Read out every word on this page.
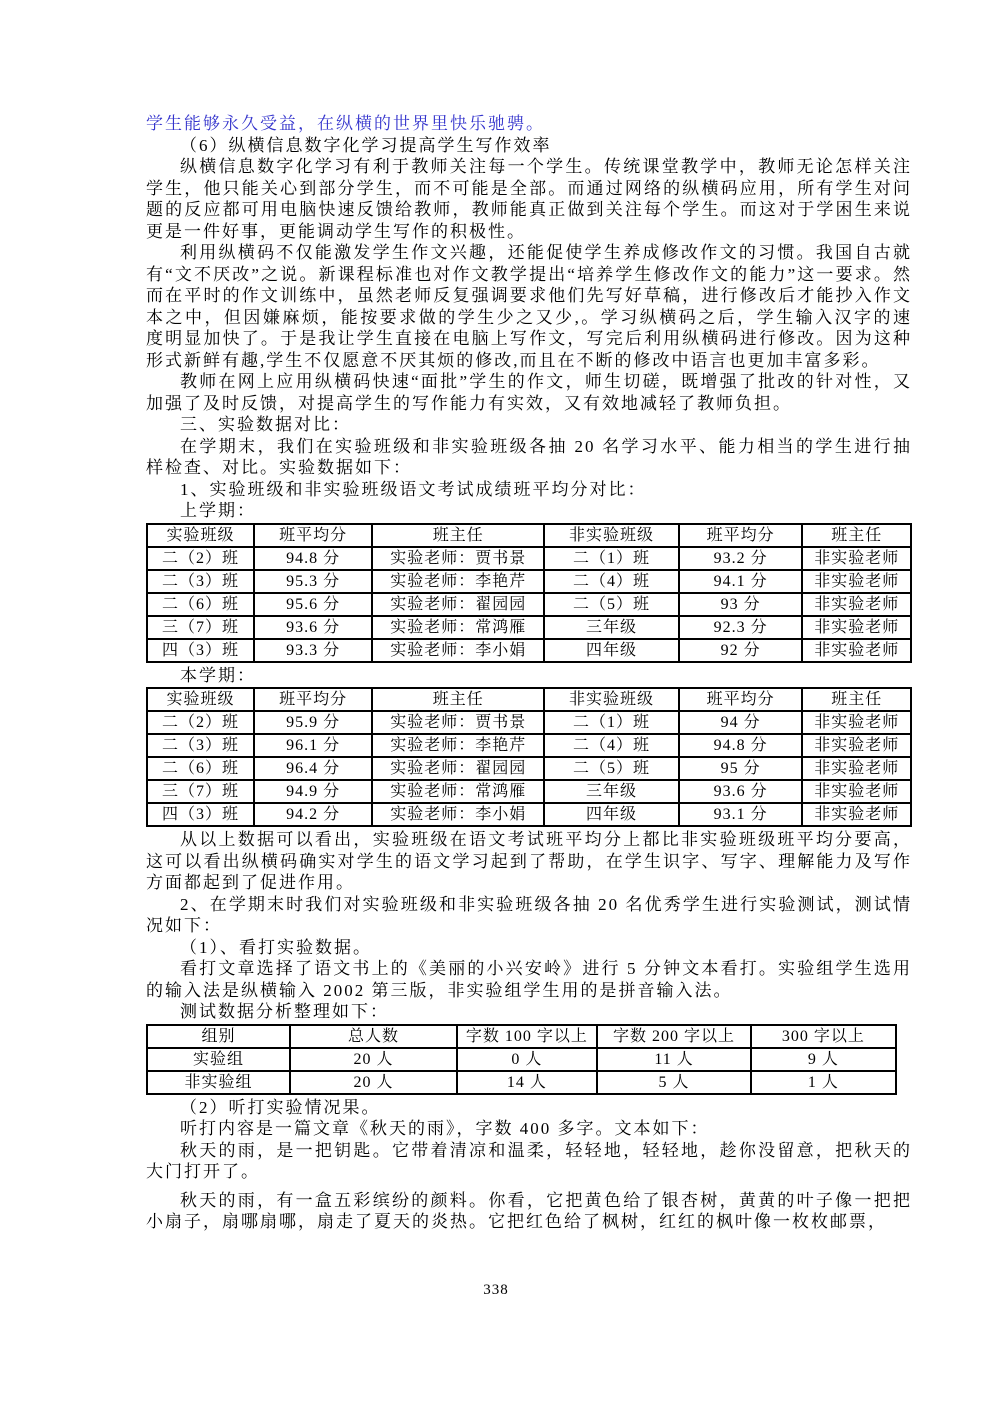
学生能够永久受益，在纵横的世界里快乐驰骋。

（6）纵横信息数字化学习提高学生写作效率

纵横信息数字化学习有利于教师关注每一个学生。传统课堂教学中，教师无论怎样关注学生，他只能关心到部分学生，而不可能是全部。而通过网络的纵横码应用，所有学生对问题的反应都可用电脑快速反馈给教师，教师能真正做到关注每个学生。而这对于学困生来说更是一件好事，更能调动学生写作的积极性。

利用纵横码不仅能激发学生作文兴趣，还能促使学生养成修改作文的习惯。我国自古就有“文不厌改”之说。新课程标准也对作文教学提出“培养学生修改作文的能力”这一要求。然而在平时的作文训练中，虽然老师反复强调要求他们先写好草稿，进行修改后才能抄入作文本之中，但因嫌麻烦，能按要求做的学生少之又少,。学习纵横码之后，学生输入汉字的速度明显加快了。于是我让学生直接在电脑上写作文，写完后利用纵横码进行修改。因为这种形式新鲜有趣,学生不仅愿意不厌其烦的修改,而且在不断的修改中语言也更加丰富多彩。

教师在网上应用纵横码快速“面批”学生的作文，师生切磋，既增强了批改的针对性，又加强了及时反馈，对提高学生的写作能力有实效，又有效地减轻了教师负担。

三、实验数据对比：

在学期末，我们在实验班级和非实验班级各抽 20 名学习水平、能力相当的学生进行抽样检查、对比。实验数据如下：

1、实验班级和非实验班级语文考试成绩班平均分对比：

上学期：

实验班级	班平均分	班主任	非实验班级	班平均分	班主任
二（2）班	94.8 分	实验老师：贾书景	二（1）班	93.2 分	非实验老师
二（3）班	95.3 分	实验老师：李艳芹	二（4）班	94.1 分	非实验老师
二（6）班	95.6 分	实验老师：翟园园	二（5）班	93 分	非实验老师
三（7）班	93.6 分	实验老师：常鸿雁	三年级	92.3 分	非实验老师
四（3）班	93.3 分	实验老师：李小娟	四年级	92 分	非实验老师

本学期：

实验班级	班平均分	班主任	非实验班级	班平均分	班主任
二（2）班	95.9 分	实验老师：贾书景	二（1）班	94 分	非实验老师
二（3）班	96.1 分	实验老师：李艳芹	二（4）班	94.8 分	非实验老师
二（6）班	96.4 分	实验老师：翟园园	二（5）班	95 分	非实验老师
三（7）班	94.9 分	实验老师：常鸿雁	三年级	93.6 分	非实验老师
四（3）班	94.2 分	实验老师：李小娟	四年级	93.1 分	非实验老师

从以上数据可以看出，实验班级在语文考试班平均分上都比非实验班级班平均分要高，这可以看出纵横码确实对学生的语文学习起到了帮助，在学生识字、写字、理解能力及写作方面都起到了促进作用。

2、在学期末时我们对实验班级和非实验班级各抽 20 名优秀学生进行实验测试，测试情况如下：

（1）、看打实验数据。

看打文章选择了语文书上的《美丽的小兴安岭》进行 5 分钟文本看打。实验组学生选用的输入法是纵横输入 2002 第三版，非实验组学生用的是拼音输入法。

测试数据分析整理如下：

组别	总人数	字数 100 字以上	字数 200 字以上	300 字以上
实验组	20 人	0 人	11 人	9 人
非实验组	20 人	14 人	5 人	1 人

（2）听打实验情况果。

听打内容是一篇文章《秋天的雨》，字数 400 多字。文本如下：

秋天的雨，是一把钥匙。它带着清凉和温柔，轻轻地，轻轻地，趁你没留意，把秋天的大门打开了。

秋天的雨，有一盒五彩缤纷的颜料。你看，它把黄色给了银杏树，黄黄的叶子像一把把小扇子，扇哪扇哪，扇走了夏天的炎热。它把红色给了枫树，红红的枫叶像一枚枚邮票，

338
